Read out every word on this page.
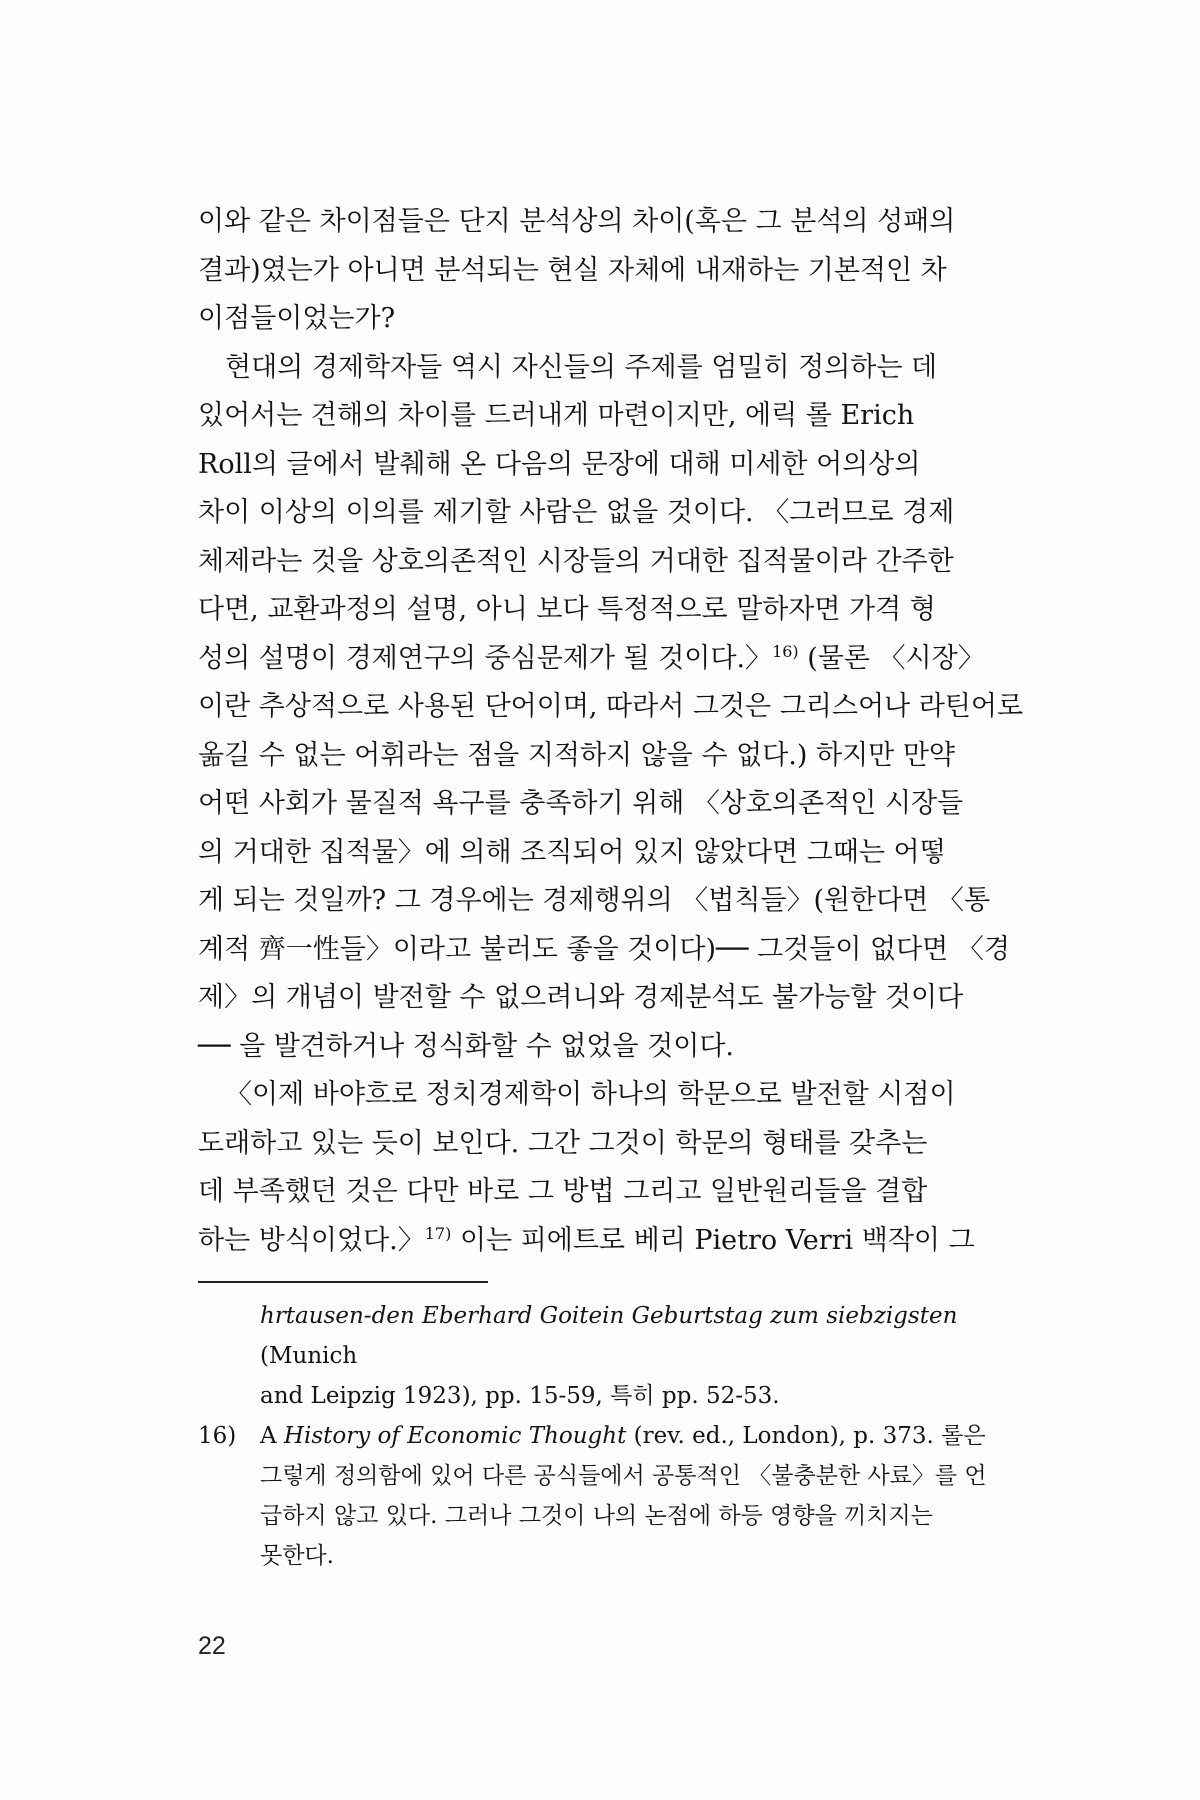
이와 같은 차이점들은 단지 분석상의 차이(혹은 그 분석의 성패의
결과)였는가 아니면 분석되는 현실 자체에 내재하는 기본적인 차
이점들이었는가?

현대의 경제학자들 역시 자신들의 주제를 엄밀히 정의하는 데
있어서는 견해의 차이를 드러내게 마련이지만, 에릭 롤 Erich
Roll의 글에서 발췌해 온 다음의 문장에 대해 미세한 어의상의
차이 이상의 이의를 제기할 사람은 없을 것이다. 〈그러므로 경제
체제라는 것을 상호의존적인 시장들의 거대한 집적물이라 간주한
다면, 교환과정의 설명, 아니 보다 특정적으로 말하자면 가격 형
성의 설명이 경제연구의 중심문제가 될 것이다.〉$^{16)}$ (물론 〈시장〉
이란 추상적으로 사용된 단어이며, 따라서 그것은 그리스어나 라틴어로
옮길 수 없는 어휘라는 점을 지적하지 않을 수 없다.) 하지만 만약
어떤 사회가 물질적 욕구를 충족하기 위해 〈상호의존적인 시장들
의 거대한 집적물〉에 의해 조직되어 있지 않았다면 그때는 어떻
게 되는 것일까? 그 경우에는 경제행위의 〈법칙들〉(원한다면 〈통
계적 齊一性들〉이라고 불러도 좋을 것이다)── 그것들이 없다면 〈경
제〉의 개념이 발전할 수 없으려니와 경제분석도 불가능할 것이다
── 을 발견하거나 정식화할 수 없었을 것이다.

〈이제 바야흐로 정치경제학이 하나의 학문으로 발전할 시점이
도래하고 있는 듯이 보인다. 그간 그것이 학문의 형태를 갖추는
데 부족했던 것은 다만 바로 그 방법 그리고 일반원리들을 결합
하는 방식이었다.〉$^{17)}$ 이는 피에트로 베리 Pietro Verri 백작이 그

hrtausen-den Eberhard Goitein Geburtstag zum siebzigsten (Munich
and Leipzig 1923), pp. 15-59, 특히 pp. 52-53.

16) A History of Economic Thought (rev. ed., London), p. 373. 롤은
그렇게 정의함에 있어 다른 공식들에서 공통적인 〈불충분한 사료〉를 언
급하지 않고 있다. 그러나 그것이 나의 논점에 하등 영향을 끼치지는
못한다.

22
